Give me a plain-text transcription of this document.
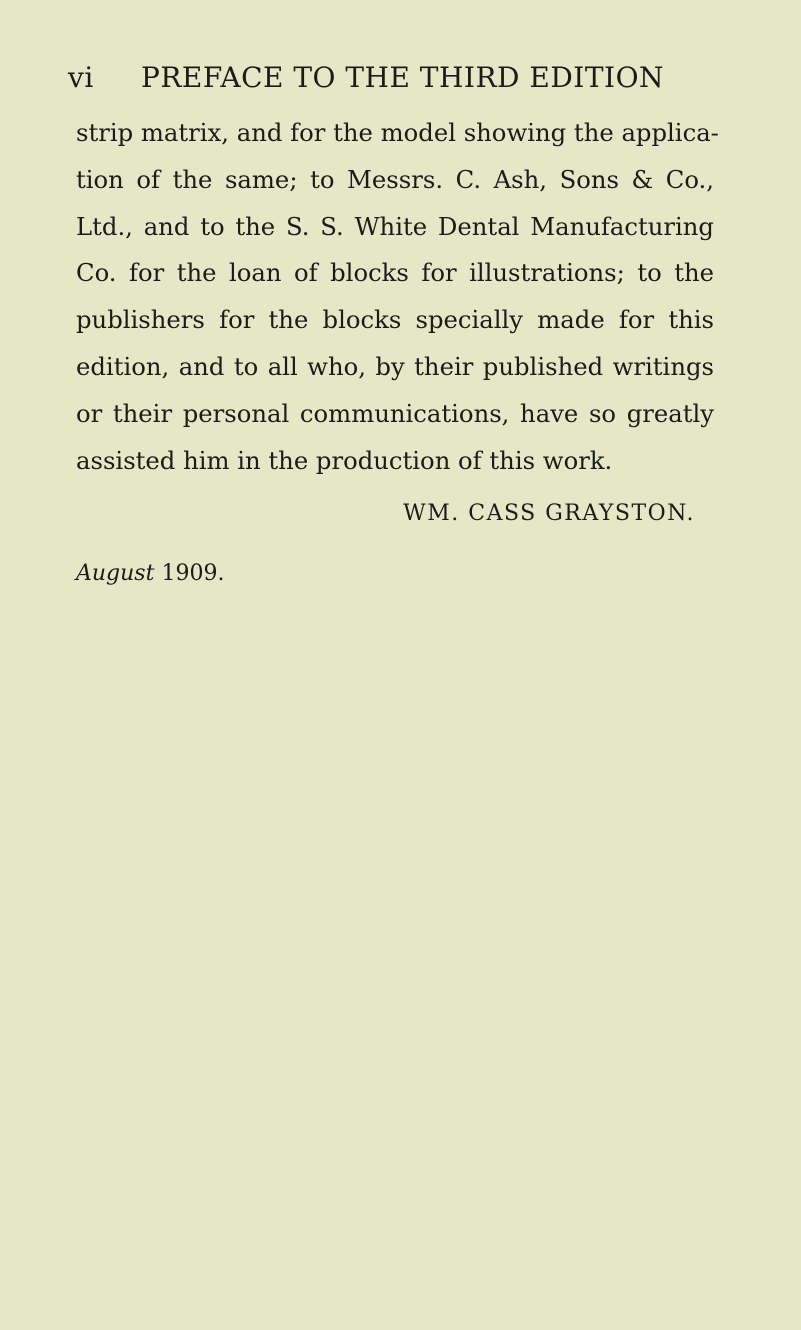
vi PREFACE TO THE THIRD EDITION
strip matrix, and for the model showing the applica-
tion of the same; to Messrs. C. Ash, Sons & Co.,
Ltd., and to the S. S. White Dental Manufacturing
Co. for the loan of blocks for illustrations; to the
publishers for the blocks specially made for this
edition, and to all who, by their published writings
or their personal communications, have so greatly
assisted him in the production of this work.
WM. CASS GRAYSTON.
August 1909.
